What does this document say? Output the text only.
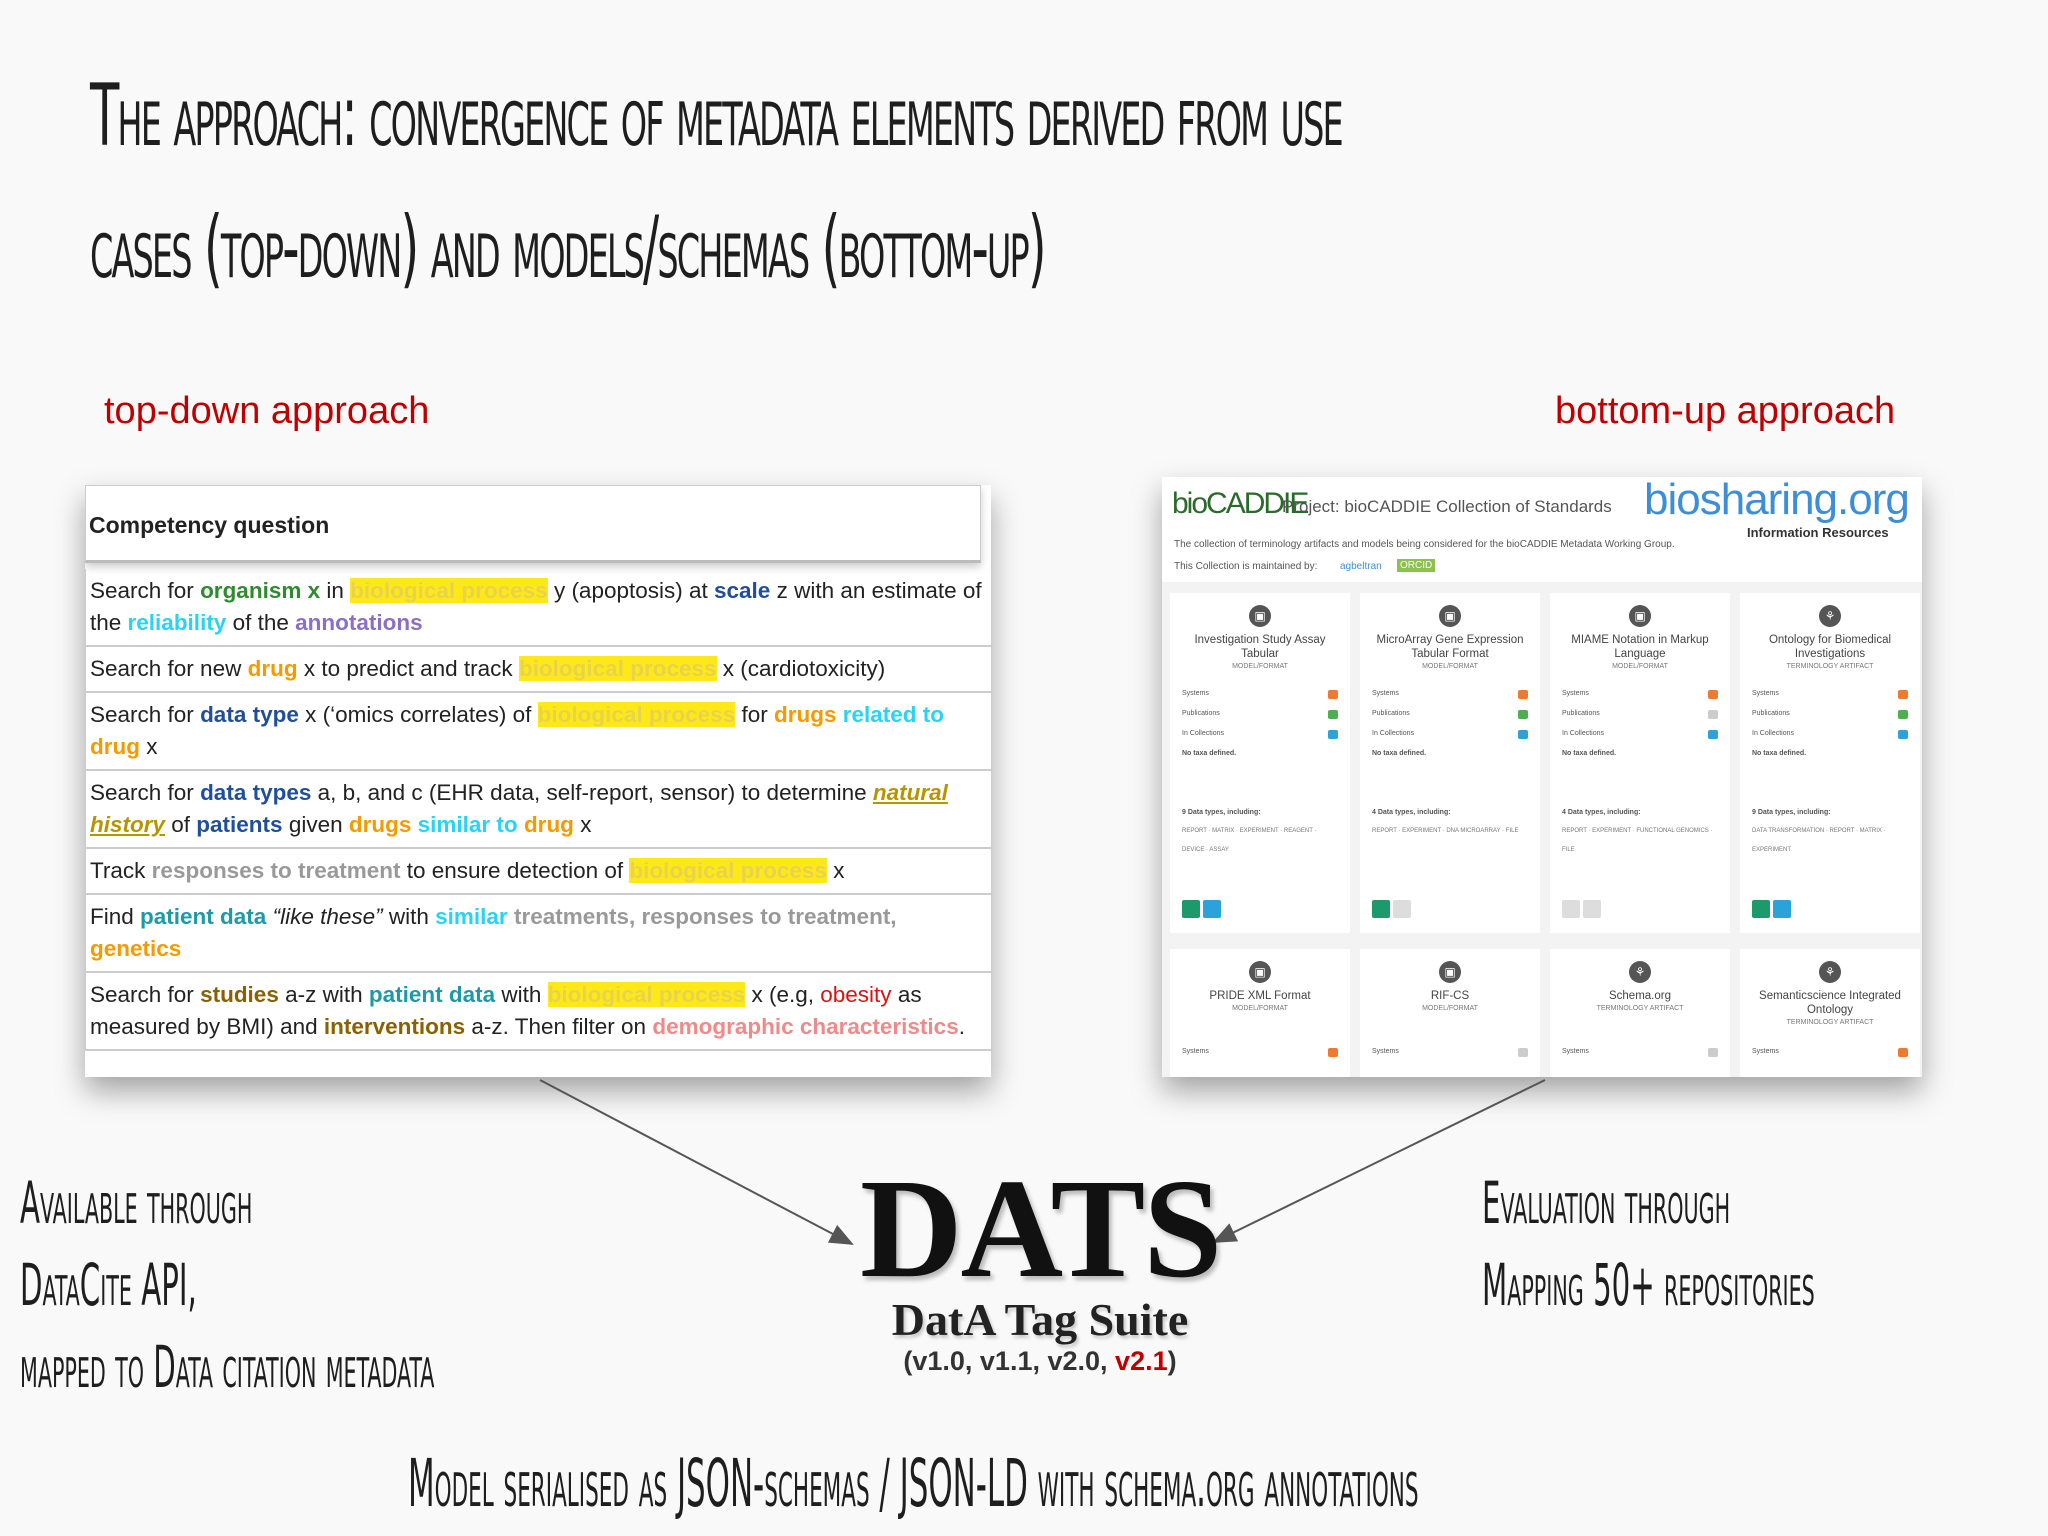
The approach: convergence of metadata elements derived from use
cases (top-down) and models/schemas (bottom-up)
top-down approach	bottom-up approach
Competency question
Search for organism x in biological process y (apoptosis) at scale z with an estimate of the reliability of the annotations
Search for new drug x to predict and track biological process x (cardiotoxicity)
Search for data type x (‘omics correlates) of biological process for drugs related to drug x
Search for data types a, b, and c (EHR data, self-report, sensor) to determine natural history of patients given drugs similar to drug x
Track responses to treatment to ensure detection of biological process x
Find patient data “like these” with similar treatments, responses to treatment, genetics
Search for studies a-z with patient data with biological process x (e.g, obesity as measured by BMI) and interventions a-z. Then filter on demographic characteristics.
bioCADDIE
Project: bioCADDIE Collection of Standards biosharing.org
Information Resources
The collection of terminology artifacts and models being considered for the bioCADDIE Metadata Working Group.
This Collection is maintained by: agbeltran	ORCID
▣
Investigation Study Assay Tabular
MODEL/FORMAT
Systems
Publications
In Collections
No taxa defined.
9 Data types, including:
REPORT · MATRIX · EXPERIMENT · REAGENT · DEVICE · ASSAY
▣
MicroArray Gene Expression Tabular Format
MODEL/FORMAT
Systems
Publications
In Collections
No taxa defined.
4 Data types, including:
REPORT · EXPERIMENT · DNA MICROARRAY · FILE
▣
MIAME Notation in Markup Language
MODEL/FORMAT
Systems
Publications
In Collections
No taxa defined.
4 Data types, including:
REPORT · EXPERIMENT · FUNCTIONAL GENOMICS · FILE
⚘
Ontology for Biomedical Investigations
TERMINOLOGY ARTIFACT
Systems
Publications
In Collections
No taxa defined.
9 Data types, including:
DATA TRANSFORMATION · REPORT · MATRIX · EXPERIMENT
▣
PRIDE XML Format
MODEL/FORMAT
Systems
▣
RIF-CS
MODEL/FORMAT
Systems
⚘
Schema.org
TERMINOLOGY ARTIFACT
Systems
⚘
Semanticscience Integrated Ontology
TERMINOLOGY ARTIFACT
Systems
Available through
DataCite API,
mapped to Data citation metadata
Evaluation through
Mapping 50+ repositories
DATS
DatA Tag Suite
(v1.0, v1.1, v2.0, v2.1)
Model serialised as JSON-schemas / JSON-LD with schema.org annotations
